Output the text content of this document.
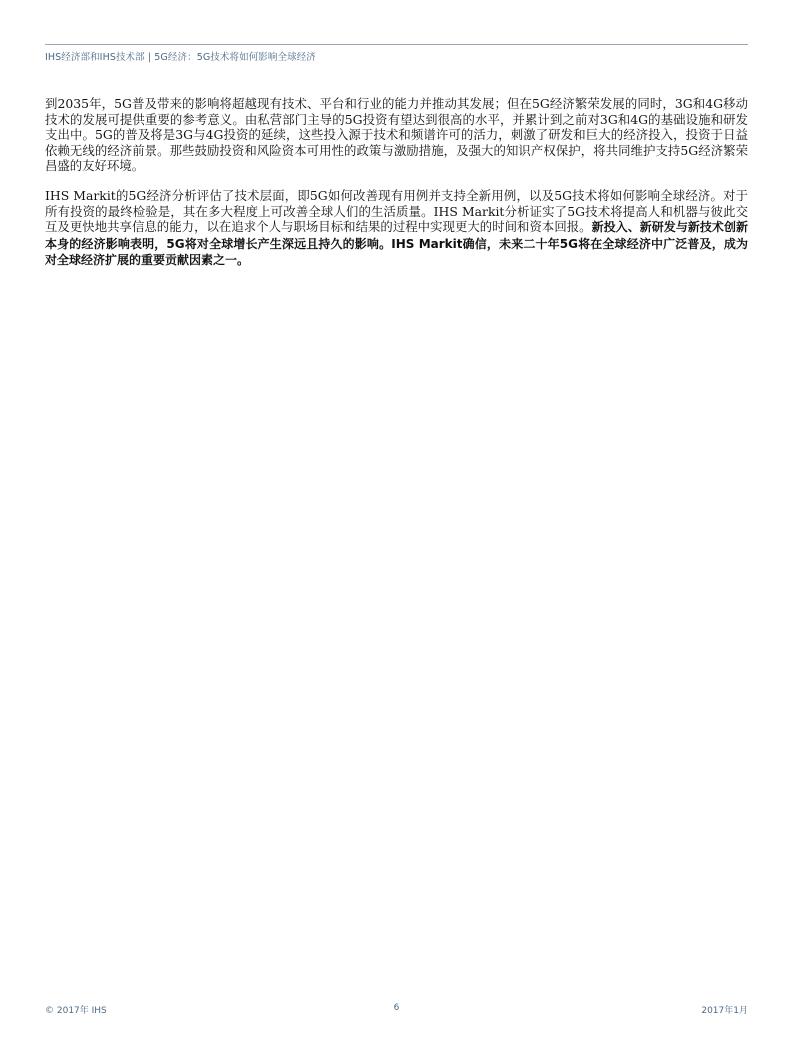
IHS经济部和IHS技术部 | 5G经济：5G技术将如何影响全球经济

到2035年，5G普及带来的影响将超越现有技术、平台和行业的能力并推动其发展；但在5G经济繁荣发展的同时，3G和4G移动技术的发展可提供重要的参考意义。由私营部门主导的5G投资有望达到很高的水平，并累计到之前对3G和4G的基础设施和研发支出中。5G的普及将是3G与4G投资的延续，这些投入源于技术和频谱许可的活力，刺激了研发和巨大的经济投入，投资于日益依赖无线的经济前景。那些鼓励投资和风险资本可用性的政策与激励措施，及强大的知识产权保护，将共同维护支持5G经济繁荣昌盛的友好环境。

IHS Markit的5G经济分析评估了技术层面，即5G如何改善现有用例并支持全新用例，以及5G技术将如何影响全球经济。对于所有投资的最终检验是，其在多大程度上可改善全球人们的生活质量。IHS Markit分析证实了5G技术将提高人和机器与彼此交互及更快地共享信息的能力，以在追求个人与职场目标和结果的过程中实现更大的时间和资本回报。新投入、新研发与新技术创新本身的经济影响表明，5G将对全球增长产生深远且持久的影响。IHS Markit确信，未来二十年5G将在全球经济中广泛普及，成为对全球经济扩展的重要贡献因素之一。

© 2017年 IHS	6	2017年1月
